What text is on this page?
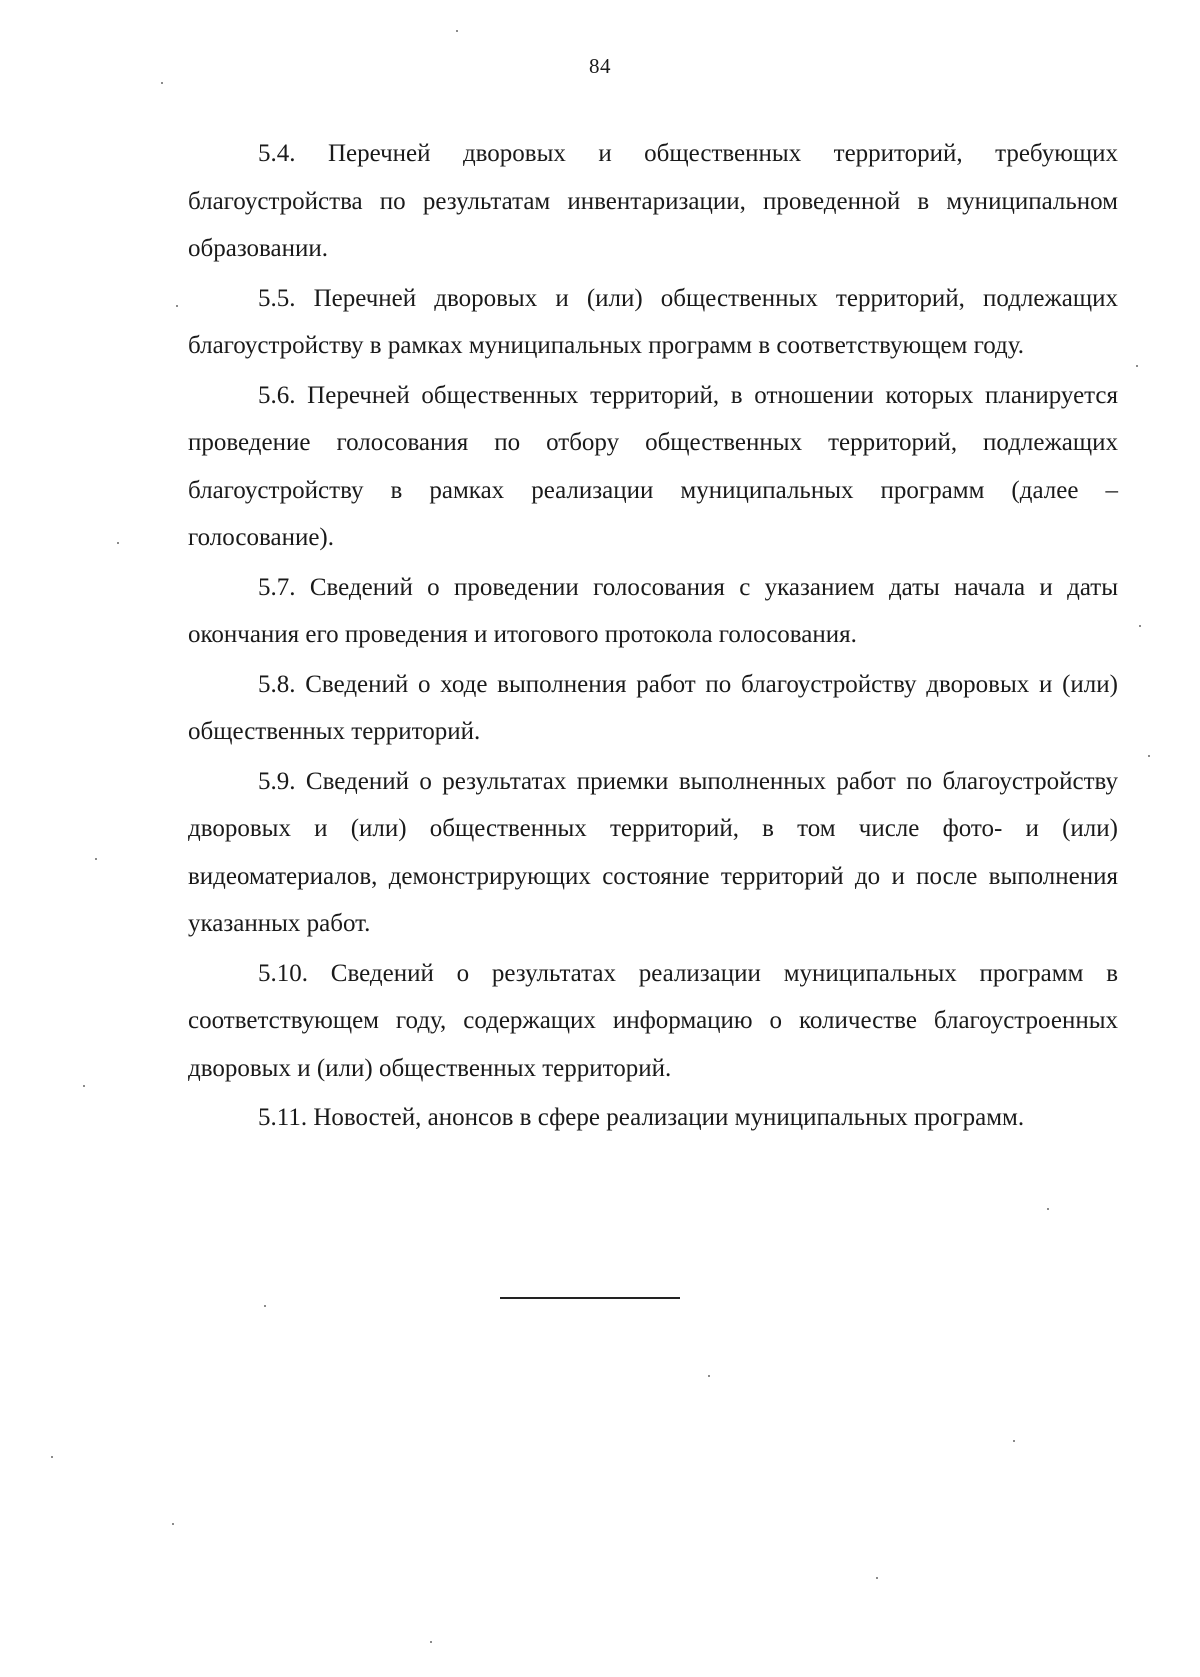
84

5.4. Перечней дворовых и общественных территорий, требующих благоустройства по результатам инвентаризации, проведенной в муниципальном образовании.

5.5. Перечней дворовых и (или) общественных территорий, подлежащих благоустройству в рамках муниципальных программ в соответствующем году.

5.6. Перечней общественных территорий, в отношении которых планируется проведение голосования по отбору общественных территорий, подлежащих благоустройству в рамках реализации муниципальных программ (далее – голосование).

5.7. Сведений о проведении голосования с указанием даты начала и даты окончания его проведения и итогового протокола голосования.

5.8. Сведений о ходе выполнения работ по благоустройству дворовых и (или) общественных территорий.

5.9. Сведений о результатах приемки выполненных работ по благоустройству дворовых и (или) общественных территорий, в том числе фото- и (или) видеоматериалов, демонстрирующих состояние территорий до и после выполнения указанных работ.

5.10. Сведений о результатах реализации муниципальных программ в соответствующем году, содержащих информацию о количестве благоустроенных дворовых и (или) общественных территорий.

5.11. Новостей, анонсов в сфере реализации муниципальных программ.
